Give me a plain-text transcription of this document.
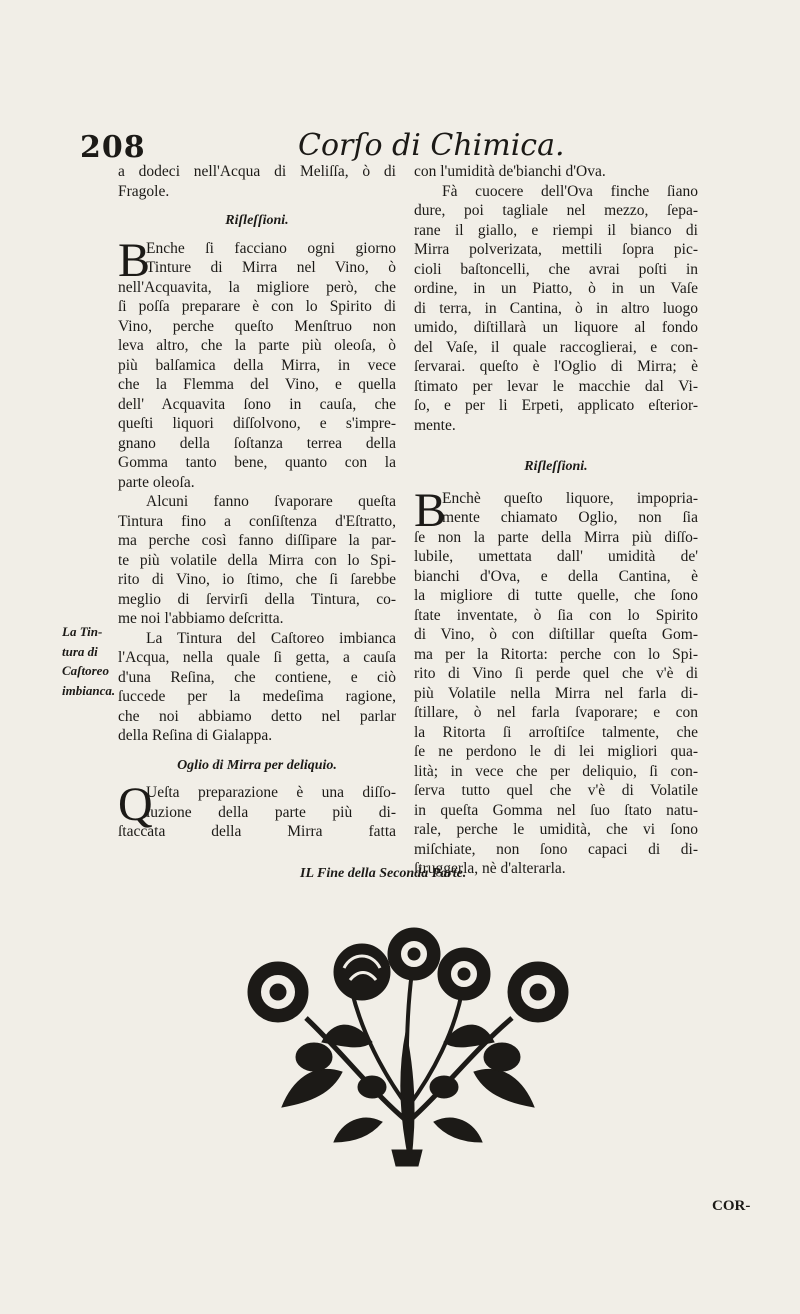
208	Corſo di Chimica.
a dodeci nell'Acqua di Meliſſa, ò di
Fragole.
Riſleſſioni.
B
Enche ſi facciano ogni giorno
Tinture di Mirra nel Vino, ò
nell'Acquavita, la migliore però, che
ſi poſſa preparare è con lo Spirito di
Vino, perche queſto Menſtruo non
leva altro, che la parte più oleoſa, ò
più balſamica della Mirra, in vece
che la Flemma del Vino, e quella
dell' Acquavita ſono in cauſa, che
queſti liquori diſſolvono, e s'impre-
gnano della ſoſtanza terrea della
Gomma tanto bene, quanto con la
parte oleoſa.
Alcuni fanno ſvaporare queſta
Tintura fino a conſiſtenza d'Eſtratto,
ma perche così fanno diſſipare la par-
te più volatile della Mirra con lo Spi-
rito di Vino, io ſtimo, che ſi ſarebbe
meglio di ſervirſi della Tintura, co-
me noi l'abbiamo deſcritta.
La Tintura del Caſtoreo imbianca
l'Acqua, nella quale ſi getta, a cauſa
d'una Reſina, che contiene, e ciò
ſuccede per la medeſima ragione,
che noi abbiamo detto nel parlar
della Reſina di Gialappa.
Oglio di Mirra per deliquio.
Q
Ueſta preparazione è una diſſo-
luzione della parte più di-
ſtaccata della Mirra fatta
La Tin-
tura di
Caſtoreo
imbianca.
con l'umidità de'bianchi d'Ova.
Fà cuocere dell'Ova finche ſiano
dure, poi tagliale nel mezzo, ſepa-
rane il giallo, e riempi il bianco di
Mirra polverizata, mettili ſopra pic-
cioli baſtoncelli, che avrai poſti in
ordine, in un Piatto, ò in un Vaſe
di terra, in Cantina, ò in altro luogo
umido, diſtillarà un liquore al fondo
del Vaſe, il quale raccoglierai, e con-
ſervarai. queſto è l'Oglio di Mirra; è
ſtimato per levar le macchie dal Vi-
ſo, e per li Erpeti, applicato eſterior-
mente.
Riſleſſioni.
B
Enchè queſto liquore, impopria-
mente chiamato Oglio, non ſia
ſe non la parte della Mirra più diſſo-
lubile, umettata dall' umidità de'
bianchi d'Ova, e della Cantina, è
la migliore di tutte quelle, che ſono
ſtate inventate, ò ſia con lo Spirito
di Vino, ò con diſtillar queſta Gom-
ma per la Ritorta: perche con lo Spi-
rito di Vino ſi perde quel che v'è di
più Volatile nella Mirra nel farla di-
ſtillare, ò nel farla ſvaporare; e con
la Ritorta ſi arroſtiſce talmente, che
ſe ne perdono le di lei migliori qua-
lità; in vece che per deliquio, ſi con-
ſerva tutto quel che v'è di Volatile
in queſta Gomma nel ſuo ſtato natu-
rale, perche le umidità, che vi ſono
miſchiate, non ſono capaci di di-
ſtruggerla, nè d'alterarla.
IL Fine della Seconda Parte.
COR-
